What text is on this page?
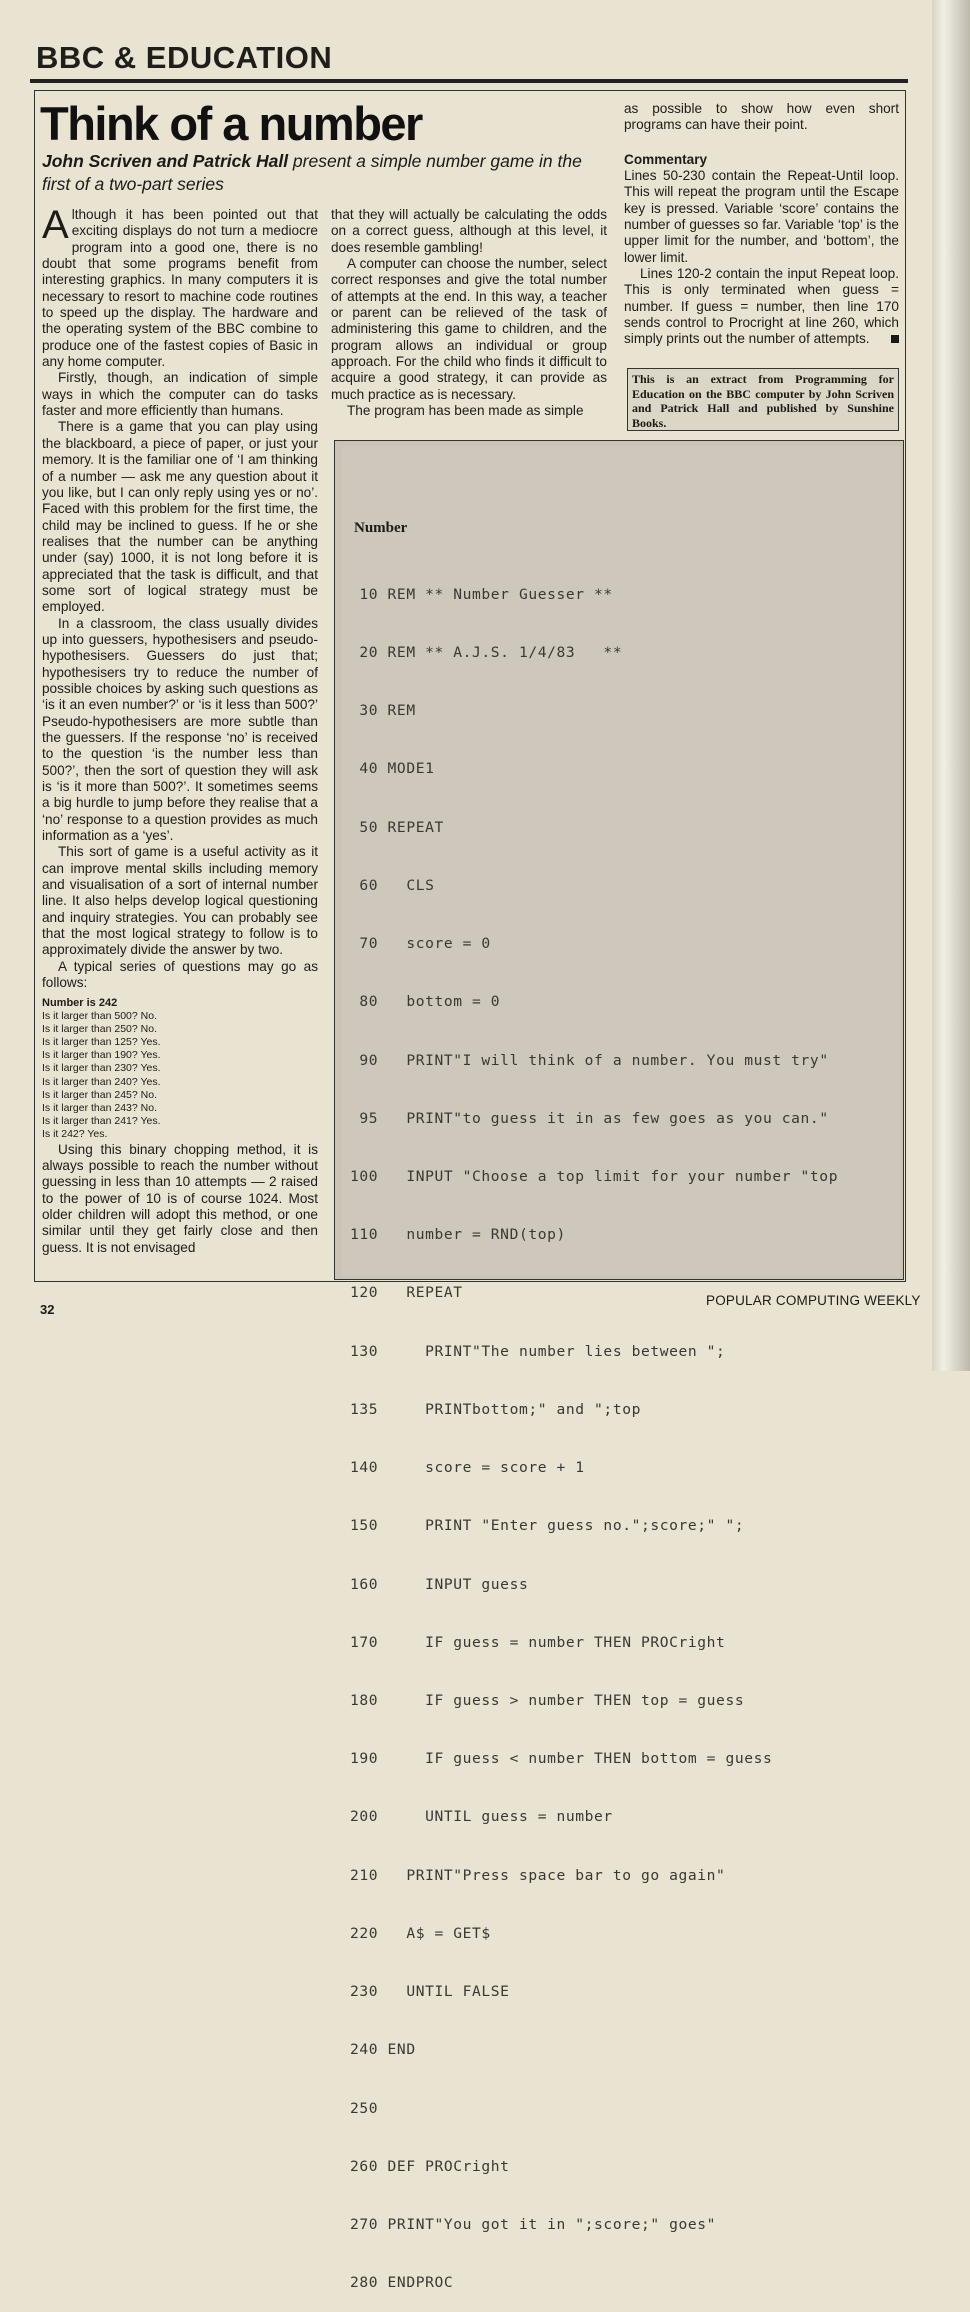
BBC & EDUCATION
Think of a number
John Scriven and Patrick Hall present a simple number game in the first of a two-part series

Although it has been pointed out that exciting displays do not turn a mediocre program into a good one, there is no doubt that some programs benefit from interesting graphics. In many computers it is necessary to resort to machine code routines to speed up the display. The hardware and the operating system of the BBC combine to produce one of the fastest copies of Basic in any home computer.

Firstly, though, an indication of simple ways in which the computer can do tasks faster and more efficiently than humans.

There is a game that you can play using the blackboard, a piece of paper, or just your memory. It is the familiar one of ‘I am thinking of a number — ask me any question about it you like, but I can only reply using yes or no’. Faced with this problem for the first time, the child may be inclined to guess. If he or she realises that the number can be anything under (say) 1000, it is not long before it is appreciated that the task is difficult, and that some sort of logical strategy must be employed.

In a classroom, the class usually divides up into guessers, hypothesisers and pseudo-hypothesisers. Guessers do just that; hypothesisers try to reduce the number of possible choices by asking such questions as ‘is it an even number?’ or ‘is it less than 500?’ Pseudo-hypothesisers are more subtle than the guessers. If the response ‘no’ is received to the question ‘is the number less than 500?’, then the sort of question they will ask is ‘is it more than 500?’. It sometimes seems a big hurdle to jump before they realise that a ‘no’ response to a question provides as much information as a ‘yes’.

This sort of game is a useful activity as it can improve mental skills including memory and visualisation of a sort of internal number line. It also helps develop logical questioning and inquiry strategies. You can probably see that the most logical strategy to follow is to approximately divide the answer by two.

A typical series of questions may go as follows:

Number is 242
Is it larger than 500? No.
Is it larger than 250? No.
Is it larger than 125? Yes.
Is it larger than 190? Yes.
Is it larger than 230? Yes.
Is it larger than 240? Yes.
Is it larger than 245? No.
Is it larger than 243? No.
Is it larger than 241? Yes.
Is it 242? Yes.

Using this binary chopping method, it is always possible to reach the number without guessing in less than 10 attempts — 2 raised to the power of 10 is of course 1024. Most older children will adopt this method, or one similar until they get fairly close and then guess. It is not envisaged

that they will actually be calculating the odds on a correct guess, although at this level, it does resemble gambling!

A computer can choose the number, select correct responses and give the total number of attempts at the end. In this way, a teacher or parent can be relieved of the task of administering this game to children, and the program allows an individual or group approach. For the child who finds it difficult to acquire a good strategy, it can provide as much practice as is necessary.

The program has been made as simple

as possible to show how even short programs can have their point.

Commentary

Lines 50-230 contain the Repeat-Until loop. This will repeat the program until the Escape key is pressed. Variable ‘score’ contains the number of guesses so far. Variable ‘top’ is the upper limit for the number, and ‘bottom’, the lower limit.

Lines 120-2 contain the input Repeat loop. This is only terminated when guess = number. If guess = number, then line 170 sends control to Procright at line 260, which simply prints out the number of attempts.

This is an extract from Programming for Education on the BBC computer by John Scriven and Patrick Hall and published by Sunshine Books.
Number

10 REM ** Number Guesser **

20 REM ** A.J.S. 1/4/83   **

30 REM

40 MODE1

50 REPEAT

60   CLS

70   score = 0

80   bottom = 0

90   PRINT"I will think of a number. You must try"

95   PRINT"to guess it in as few goes as you can."

100   INPUT "Choose a top limit for your number "top

110   number = RND(top)

120   REPEAT

130     PRINT"The number lies between ";

135     PRINTbottom;" and ";top

140     score = score + 1

150     PRINT "Enter guess no.";score;" ";

160     INPUT guess

170     IF guess = number THEN PROCright

180     IF guess > number THEN top = guess

190     IF guess < number THEN bottom = guess

200     UNTIL guess = number

210   PRINT"Press space bar to go again"

220   A$ = GET$

230   UNTIL FALSE

240 END

250

260 DEF PROCright

270 PRINT"You got it in ";score;" goes"

280 ENDPROC

32
POPULAR COMPUTING WEEKLY
